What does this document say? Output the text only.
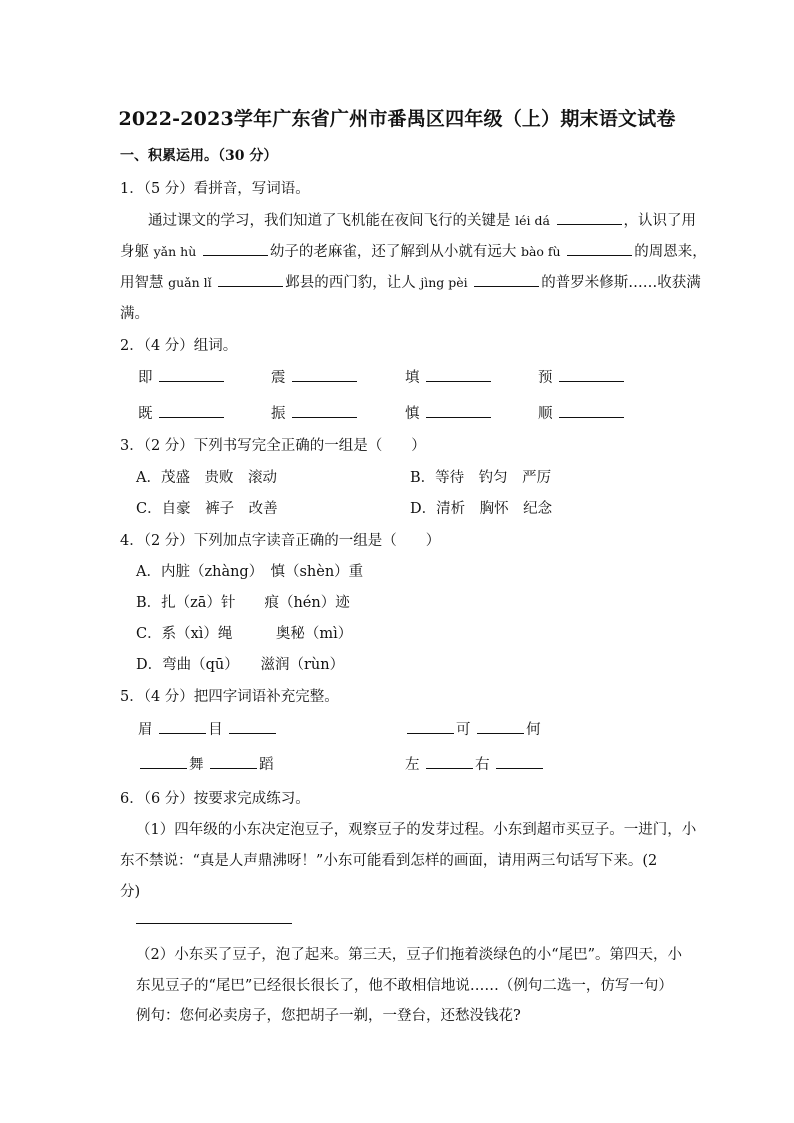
2022-2023学年广东省广州市番禺区四年级（上）期末语文试卷
一、积累运用。（30 分）
1．（5 分）看拼音，写词语。
通过课文的学习，我们知道了飞机能在夜间飞行的关键是 léi dá	，认识了用
身躯 yǎn hù	幼子的老麻雀，还了解到从小就有远大 bào fù	的周恩来，
用智慧 guǎn lǐ	邺县的西门豹，让人 jìng pèi	的普罗米修斯……收获满
满。
2．（4 分）组词。
即	震	填	预
既	振	慎	顺
3．（2 分）下列书写完全正确的一组是（　　）
A．茂盛　贵败　滚动	B．等待　钓匀　严厉
C．自豪　裤子　改善	D．清析　胸怀　纪念
4．（2 分）下列加点字读音正确的一组是（　　）
A．内脏（zhàng）　慎（shèn）重
B．扎（zā）针　　痕（hén）迹
C．系（xì）绳　　　奥秘（mì）
D．弯曲（qū）　　滋润（rùn）
5．（4 分）把四字词语补充完整。
眉	目	可	何
舞	蹈	左	右
6．（6 分）按要求完成练习。
（1）四年级的小东决定泡豆子，观察豆子的发芽过程。小东到超市买豆子。一进门，小
东不禁说：“真是人声鼎沸呀！”小东可能看到怎样的画面，请用两三句话写下来。(2
分)
（2）小东买了豆子，泡了起来。第三天，豆子们拖着淡绿色的小“尾巴”。第四天，小
东见豆子的“尾巴”已经很长很长了，他不敢相信地说……（例句二选一，仿写一句）
例句：您何必卖房子，您把胡子一剃，一登台，还愁没钱花?
